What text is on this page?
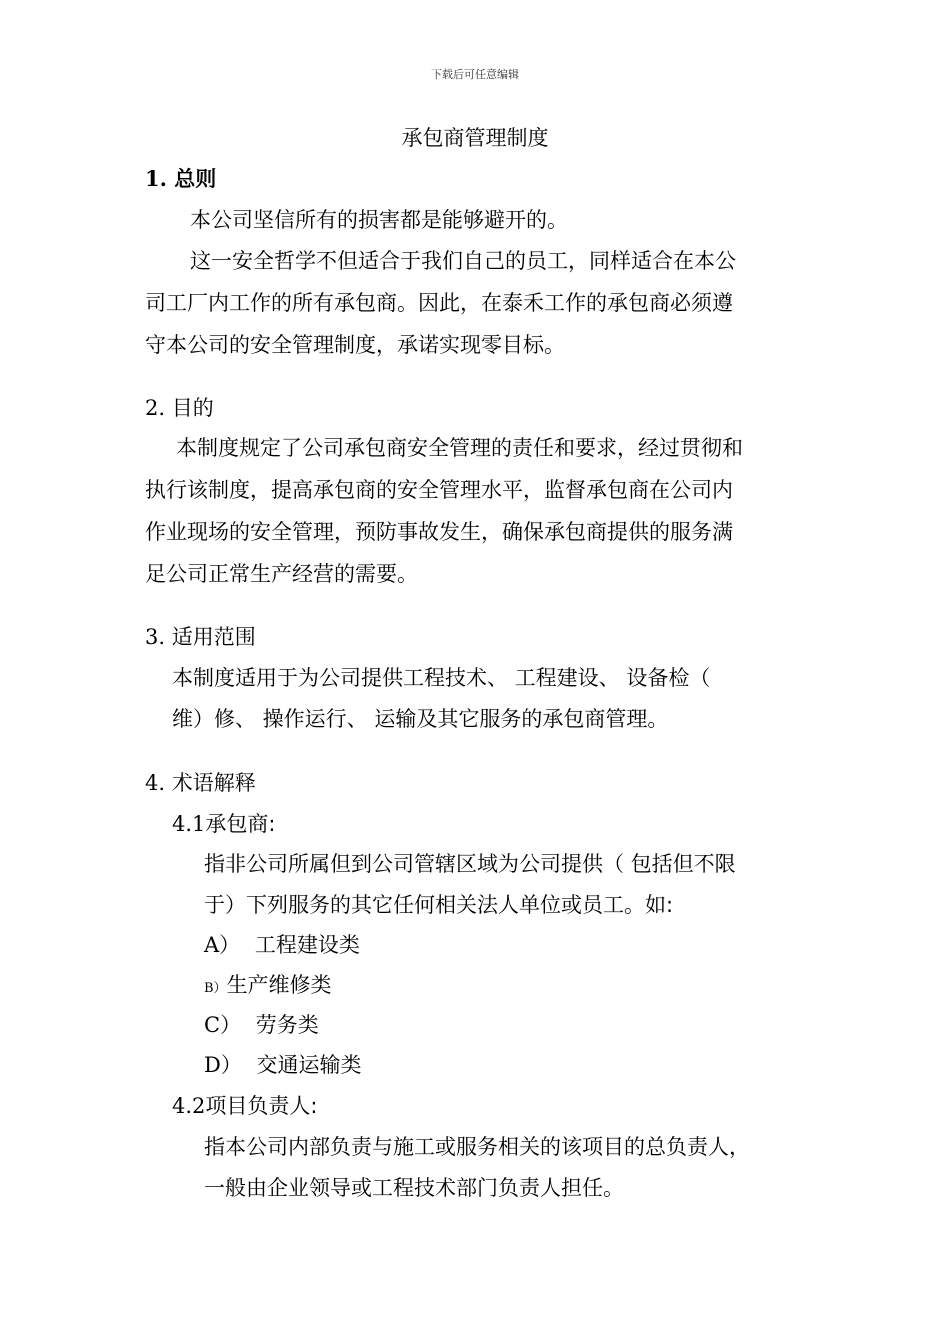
下载后可任意编辑
承包商管理制度
1. 总则
本公司坚信所有的损害都是能够避开的。
这一安全哲学不但适合于我们自己的员工，同样适合在本公
司工厂内工作的所有承包商。因此，在泰禾工作的承包商必须遵
守本公司的安全管理制度，承诺实现零目标。
2. 目的
本制度规定了公司承包商安全管理的责任和要求，经过贯彻和
执行该制度，提高承包商的安全管理水平，监督承包商在公司内
作业现场的安全管理，预防事故发生，确保承包商提供的服务满
足公司正常生产经营的需要。
3. 适用范围
本制度适用于为公司提供工程技术、 工程建设、 设备检（
维）修、 操作运行、 运输及其它服务的承包商管理。
4. 术语解释
4.1承包商:
指非公司所属但到公司管辖区域为公司提供（ 包括但不限
于）下列服务的其它任何相关法人单位或员工。如:
A） 工程建设类
B）生产维修类
C） 劳务类
D） 交通运输类
4.2项目负责人:
指本公司内部负责与施工或服务相关的该项目的总负责人，
一般由企业领导或工程技术部门负责人担任。
